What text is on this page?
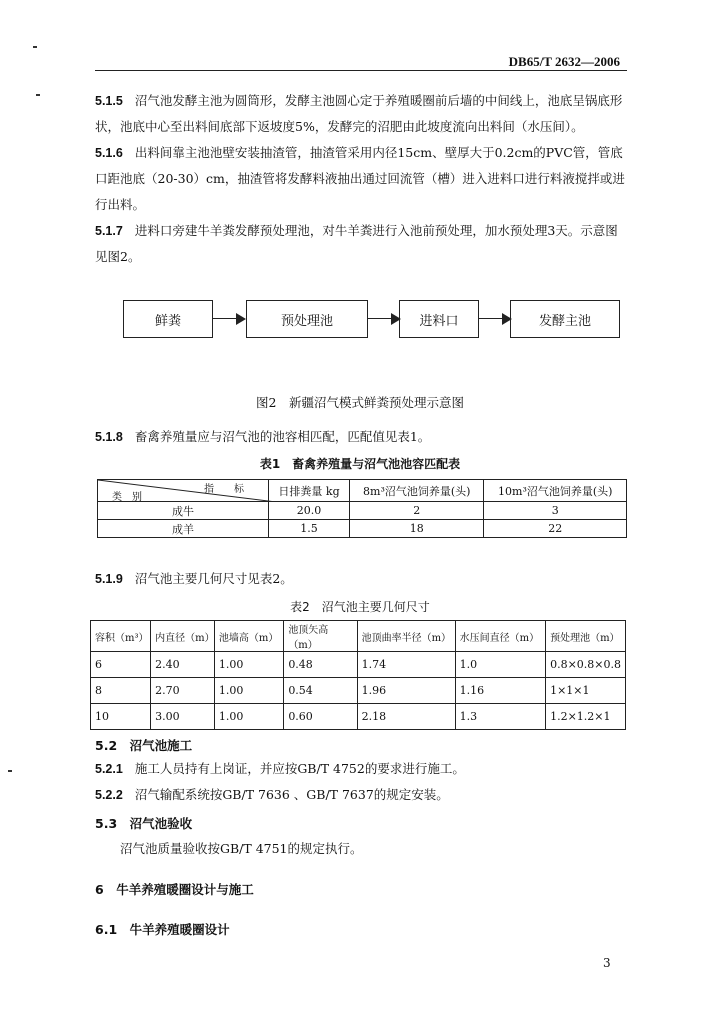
DB65/T 2632—2006

5.1.5 沼气池发酵主池为圆筒形，发酵主池圆心定于养殖暖圈前后墙的中间线上，池底呈锅底形状，池底中心至出料间底部下返坡度5%，发酵完的沼肥由此坡度流向出料间（水压间）。

5.1.6 出料间靠主池池壁安装抽渣管，抽渣管采用内径15cm、壁厚大于0.2cm的PVC管，管底口距池底（20-30）cm，抽渣管将发酵料液抽出通过回流管（槽）进入进料口进行料液搅拌或进行出料。

5.1.7 进料口旁建牛羊粪发酵预处理池，对牛羊粪进行入池前预处理，加水预处理3天。示意图见图2。

鲜粪	预处理池	进料口	发酵主池
图2　新疆沼气模式鲜粪预处理示意图

5.1.8 畜禽养殖量应与沼气池的池容相匹配，匹配值见表1。

表1　畜禽养殖量与沼气池池容匹配表
指　　标
类　别	日排粪量 kg	8m³沼气池饲养量(头)	10m³沼气池饲养量(头)
成牛	20.0	2	3
成羊	1.5	18	22

5.1.9 沼气池主要几何尺寸见表2。

表2　沼气池主要几何尺寸
容积（m³）	内直径（m）	池墙高（m）	池顶矢高（m）	池顶曲率半径（m）	水压间直径（m）	预处理池（m）
6	2.40	1.00	0.48	1.74	1.0	0.8×0.8×0.8
8	2.70	1.00	0.54	1.96	1.16	1×1×1
10	3.00	1.00	0.60	2.18	1.3	1.2×1.2×1
5.2　沼气池施工

5.2.1 施工人员持有上岗证，并应按GB/T 4752的要求进行施工。

5.2.2 沼气输配系统按GB/T 7636 、GB/T 7637的规定安装。

5.3　沼气池验收
沼气池质量验收按GB/T 4751的规定执行。
6　牛羊养殖暖圈设计与施工
6.1　牛羊养殖暖圈设计
3
